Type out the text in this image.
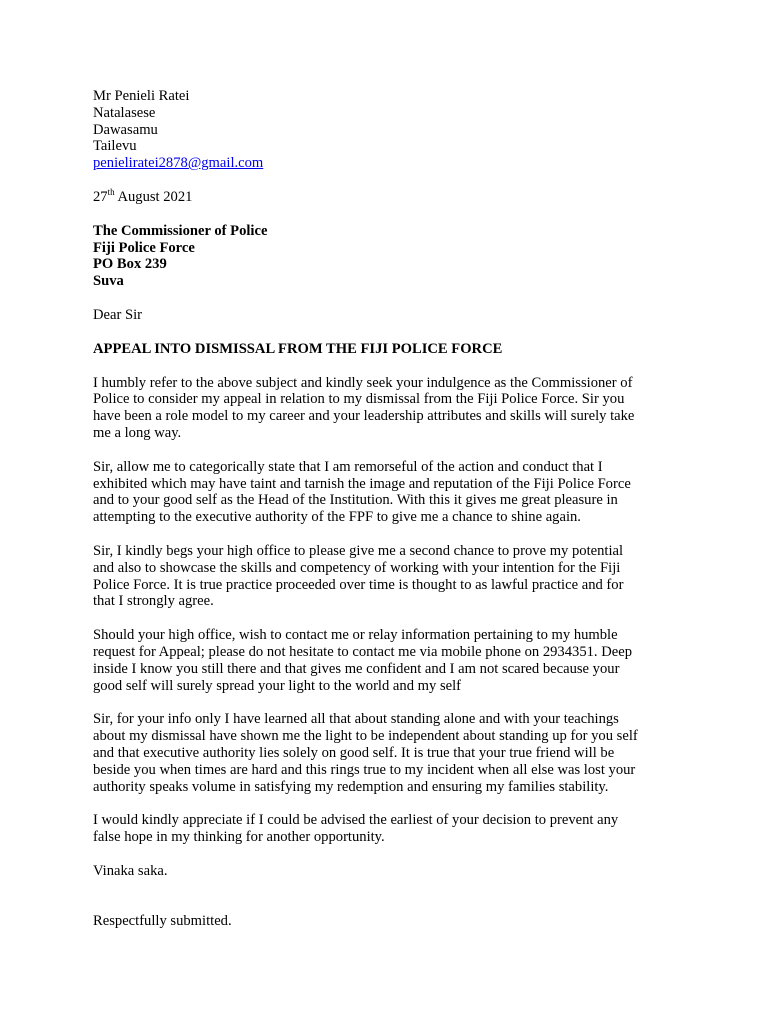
Mr Penieli Ratei
Natalasese
Dawasamu
Tailevu
penieliratei2878@gmail.com
27th August 2021
The Commissioner of Police
Fiji Police Force
PO Box 239
Suva
Dear Sir
APPEAL INTO DISMISSAL FROM THE FIJI POLICE FORCE
I humbly refer to the above subject and kindly seek your indulgence as the Commissioner of
Police to consider my appeal in relation to my dismissal from the Fiji Police Force. Sir you
have been a role model to my career and your leadership attributes and skills will surely take
me a long way.
Sir, allow me to categorically state that I am remorseful of the action and conduct that I
exhibited which may have taint and tarnish the image and reputation of the Fiji Police Force
and to your good self as the Head of the Institution. With this it gives me great pleasure in
attempting to the executive authority of the FPF to give me a chance to shine again.
Sir, I kindly begs your high office to please give me a second chance to prove my potential
and also to showcase the skills and competency of working with your intention for the Fiji
Police Force. It is true practice proceeded over time is thought to as lawful practice and for
that I strongly agree.
Should your high office, wish to contact me or relay information pertaining to my humble
request for Appeal; please do not hesitate to contact me via mobile phone on 2934351. Deep
inside I know you still there and that gives me confident and I am not scared because your
good self will surely spread your light to the world and my self
Sir, for your info only I have learned all that about standing alone and with your teachings
about my dismissal have shown me the light to be independent about standing up for you self
and that executive authority lies solely on good self. It is true that your true friend will be
beside you when times are hard and this rings true to my incident when all else was lost your
authority speaks volume in satisfying my redemption and ensuring my families stability.
I would kindly appreciate if I could be advised the earliest of your decision to prevent any
false hope in my thinking for another opportunity.
Vinaka saka.
Respectfully submitted.
